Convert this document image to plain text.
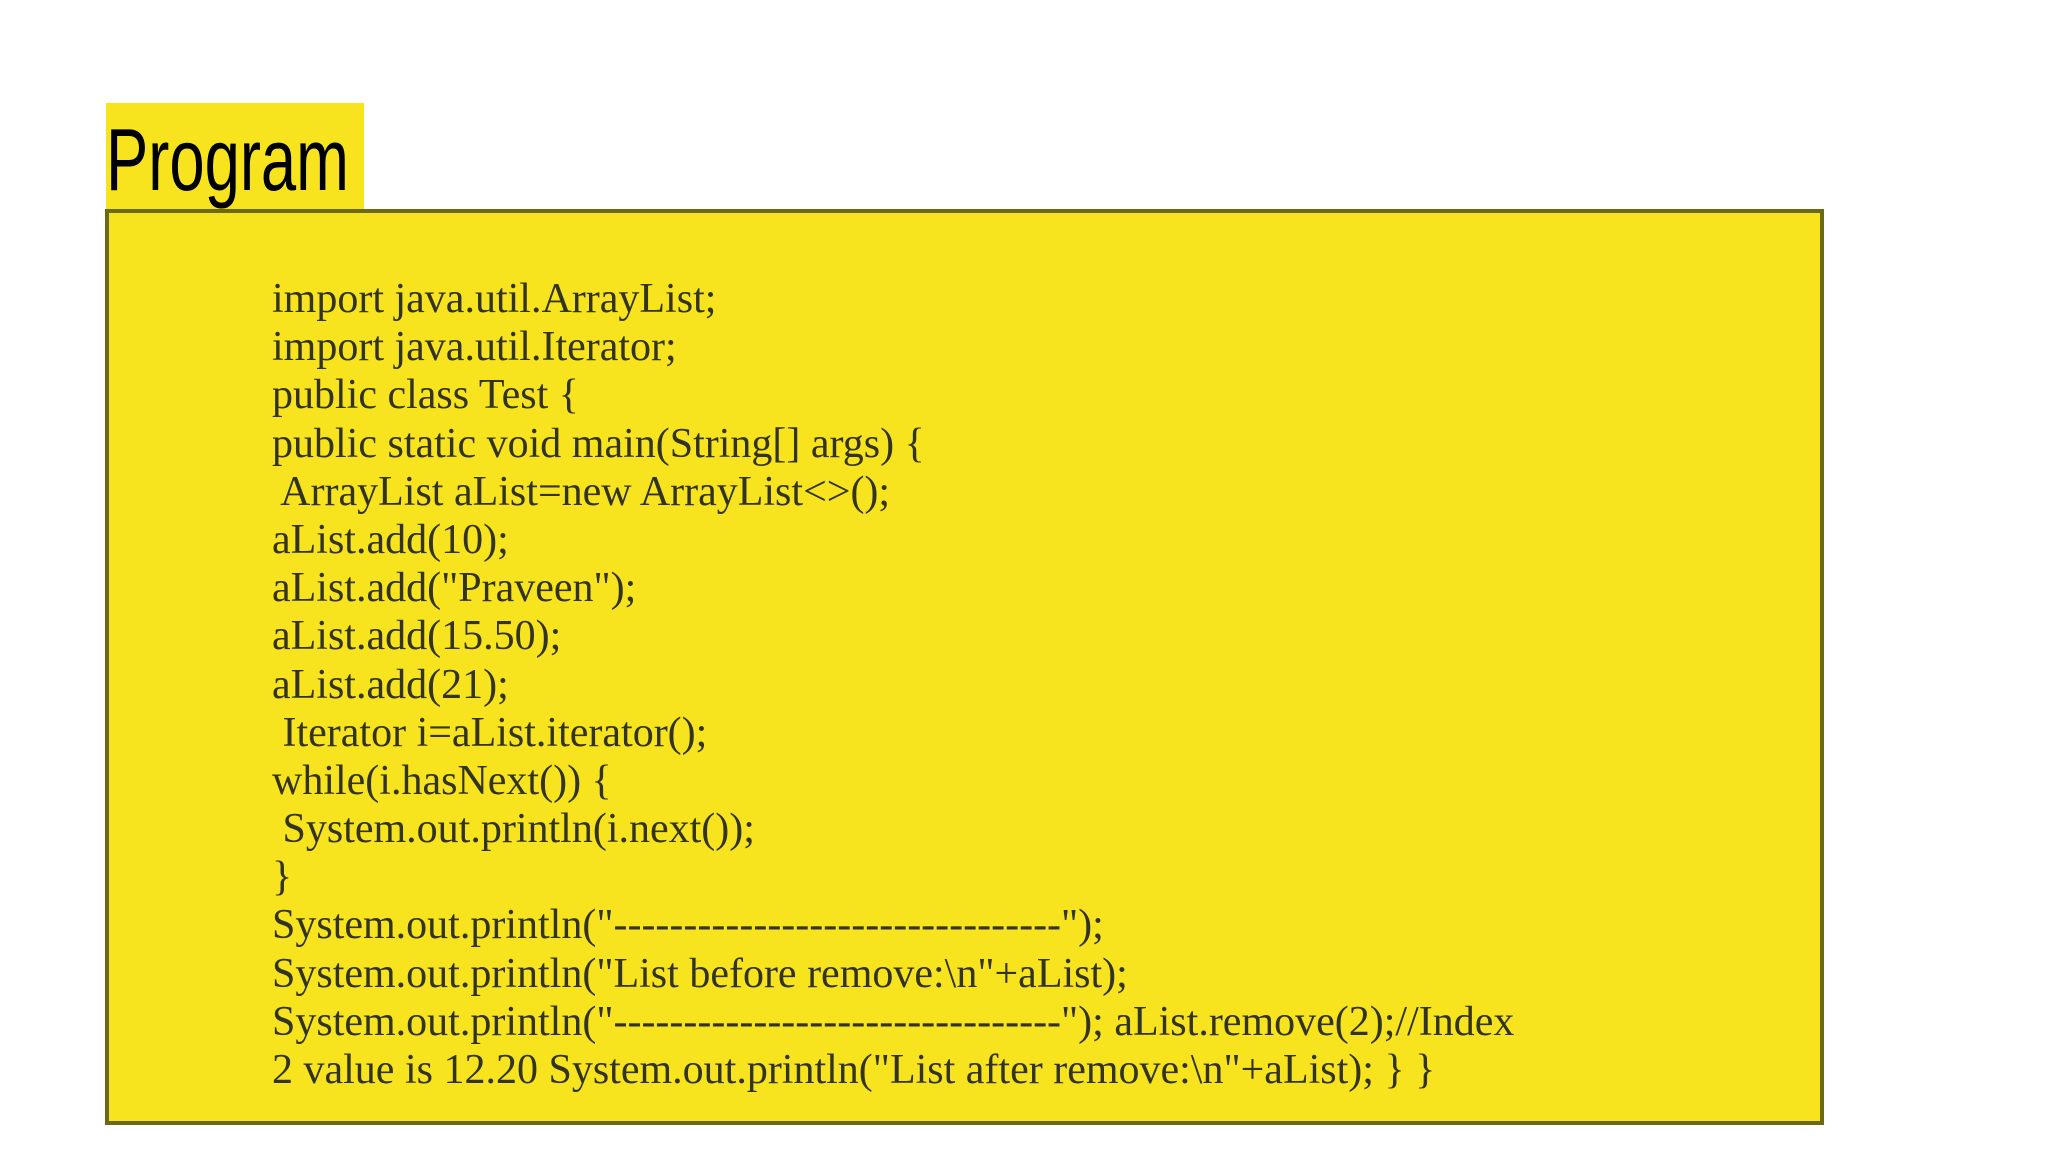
Program
import java.util.ArrayList;
import java.util.Iterator;
public class Test {
public static void main(String[] args) {
ArrayList aList=new ArrayList<>();
aList.add(10);
aList.add("Praveen");
aList.add(15.50);
aList.add(21);
Iterator i=aList.iterator();
while(i.hasNext()) {
System.out.println(i.next());
}
System.out.println("--------------------------------");
System.out.println("List before remove:\n"+aList);
System.out.println("--------------------------------"); aList.remove(2);//Index
2 value is 12.20 System.out.println("List after remove:\n"+aList); } }
